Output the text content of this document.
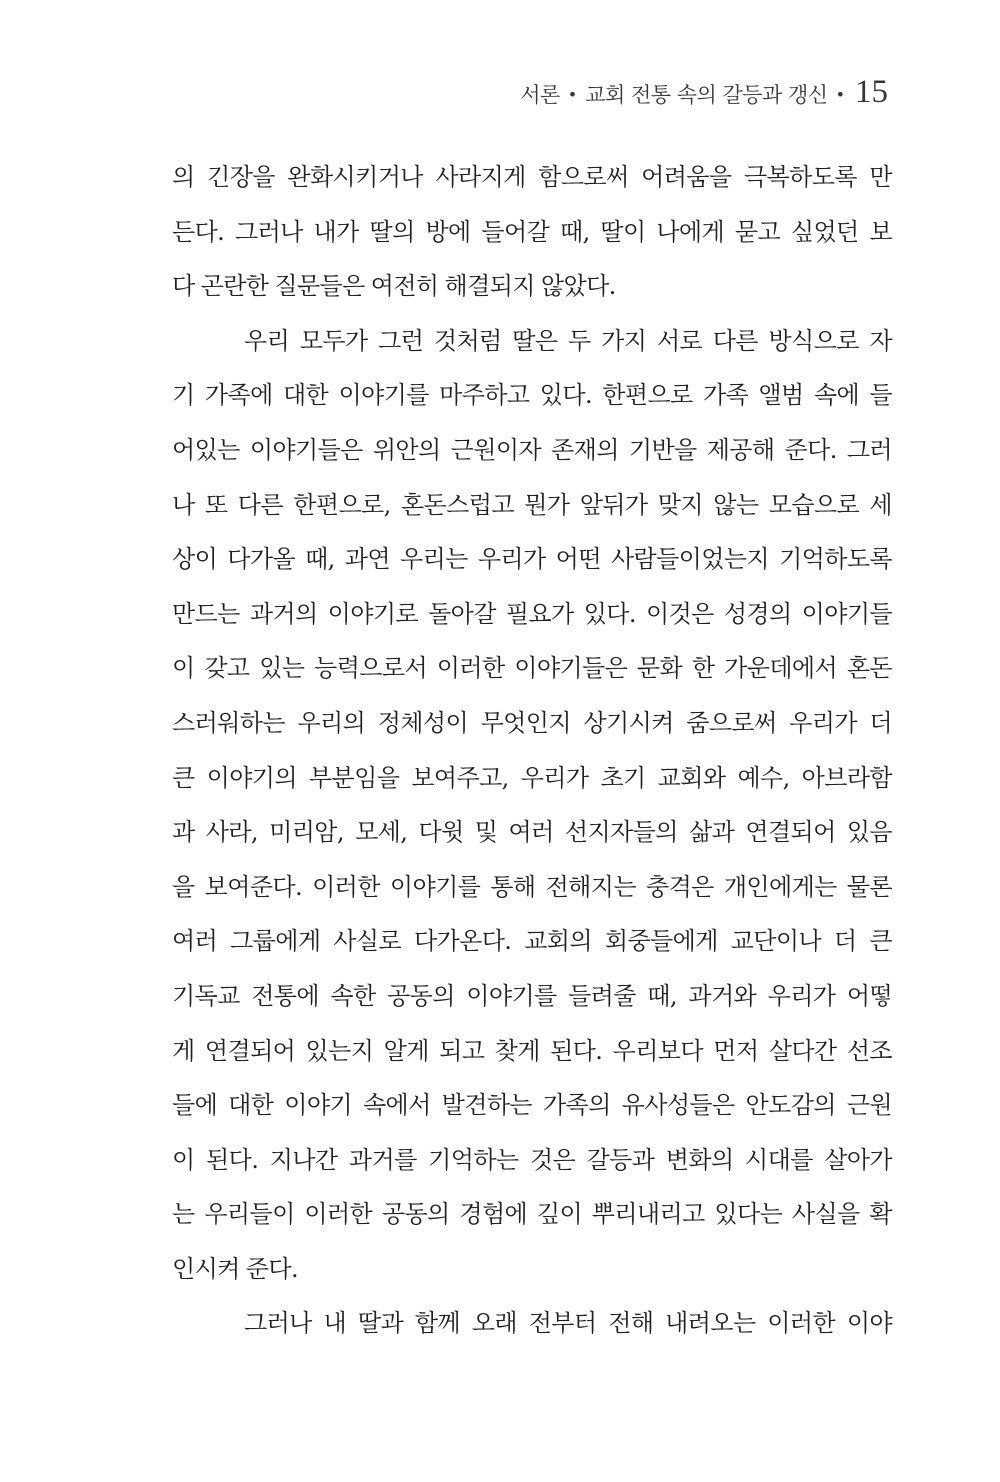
서론 • 교회 전통 속의 갈등과 갱신 • 15
의 긴장을 완화시키거나 사라지게 함으로써 어려움을 극복하도록 만
든다. 그러나 내가 딸의 방에 들어갈 때, 딸이 나에게 묻고 싶었던 보
다 곤란한 질문들은 여전히 해결되지 않았다.
우리 모두가 그런 것처럼 딸은 두 가지 서로 다른 방식으로 자
기 가족에 대한 이야기를 마주하고 있다. 한편으로 가족 앨범 속에 들
어있는 이야기들은 위안의 근원이자 존재의 기반을 제공해 준다. 그러
나 또 다른 한편으로, 혼돈스럽고 뭔가 앞뒤가 맞지 않는 모습으로 세
상이 다가올 때, 과연 우리는 우리가 어떤 사람들이었는지 기억하도록
만드는 과거의 이야기로 돌아갈 필요가 있다. 이것은 성경의 이야기들
이 갖고 있는 능력으로서 이러한 이야기들은 문화 한 가운데에서 혼돈
스러워하는 우리의 정체성이 무엇인지 상기시켜 줌으로써 우리가 더
큰 이야기의 부분임을 보여주고, 우리가 초기 교회와 예수, 아브라함
과 사라, 미리암, 모세, 다윗 및 여러 선지자들의 삶과 연결되어 있음
을 보여준다. 이러한 이야기를 통해 전해지는 충격은 개인에게는 물론
여러 그룹에게 사실로 다가온다. 교회의 회중들에게 교단이나 더 큰
기독교 전통에 속한 공동의 이야기를 들려줄 때, 과거와 우리가 어떻
게 연결되어 있는지 알게 되고 찾게 된다. 우리보다 먼저 살다간 선조
들에 대한 이야기 속에서 발견하는 가족의 유사성들은 안도감의 근원
이 된다. 지나간 과거를 기억하는 것은 갈등과 변화의 시대를 살아가
는 우리들이 이러한 공동의 경험에 깊이 뿌리내리고 있다는 사실을 확
인시켜 준다.
그러나 내 딸과 함께 오래 전부터 전해 내려오는 이러한 이야
